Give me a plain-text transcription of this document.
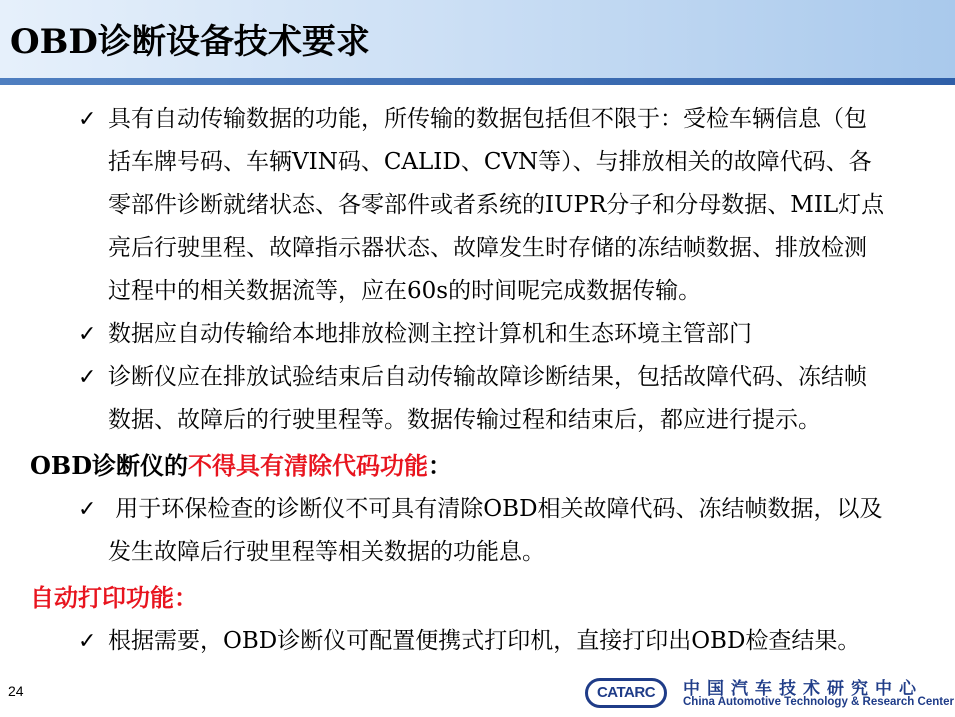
OBD诊断设备技术要求
✓ 具有自动传输数据的功能，所传输的数据包括但不限于：受检车辆信息（包
括车牌号码、车辆VIN码、CALID、CVN等）、与排放相关的故障代码、各
零部件诊断就绪状态、各零部件或者系统的IUPR分子和分母数据、MIL灯点
亮后行驶里程、故障指示器状态、故障发生时存储的冻结帧数据、排放检测
过程中的相关数据流等，应在60s的时间呢完成数据传输。
✓ 数据应自动传输给本地排放检测主控计算机和生态环境主管部门
✓ 诊断仪应在排放试验结束后自动传输故障诊断结果，包括故障代码、冻结帧
数据、故障后的行驶里程等。数据传输过程和结束后，都应进行提示。
OBD诊断仪的不得具有清除代码功能：
✓ 用于环保检查的诊断仪不可具有清除OBD相关故障代码、冻结帧数据，以及
发生故障后行驶里程等相关数据的功能息。
自动打印功能：
✓ 根据需要，OBD诊断仪可配置便携式打印机，直接打印出OBD检查结果。
24	CATARC	中国汽车技术研究中心
China Automotive Technology & Research Center
